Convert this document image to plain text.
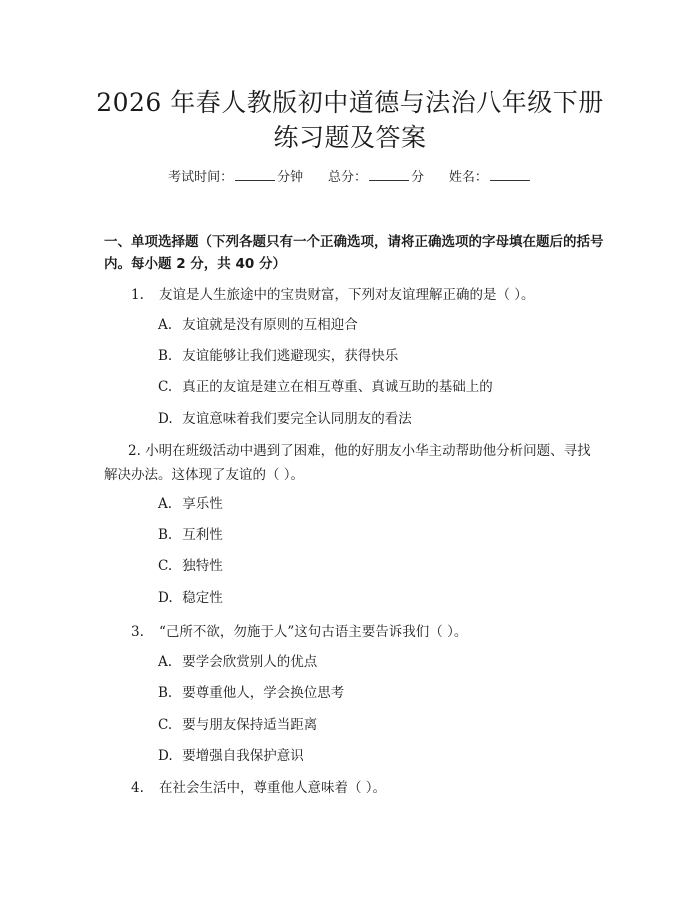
2026 年春人教版初中道德与法治八年级下册
练习题及答案
考试时间：	分钟 总分：	分 姓名：
一、单项选择题（下列各题只有一个正确选项，请将正确选项的字母填在题后的括号内。每小题 2 分，共 40 分）
1. 友谊是人生旅途中的宝贵财富，下列对友谊理解正确的是（ ）。
A. 友谊就是没有原则的互相迎合
B. 友谊能够让我们逃避现实，获得快乐
C. 真正的友谊是建立在相互尊重、真诚互助的基础上的
D. 友谊意味着我们要完全认同朋友的看法
2. 小明在班级活动中遇到了困难，他的好朋友小华主动帮助他分析问题、寻找解决办法。这体现了友谊的（ ）。
A. 享乐性
B. 互利性
C. 独特性
D. 稳定性
3. “己所不欲，勿施于人”这句古语主要告诉我们（ ）。
A. 要学会欣赏别人的优点
B. 要尊重他人，学会换位思考
C. 要与朋友保持适当距离
D. 要增强自我保护意识
4. 在社会生活中，尊重他人意味着（ ）。
